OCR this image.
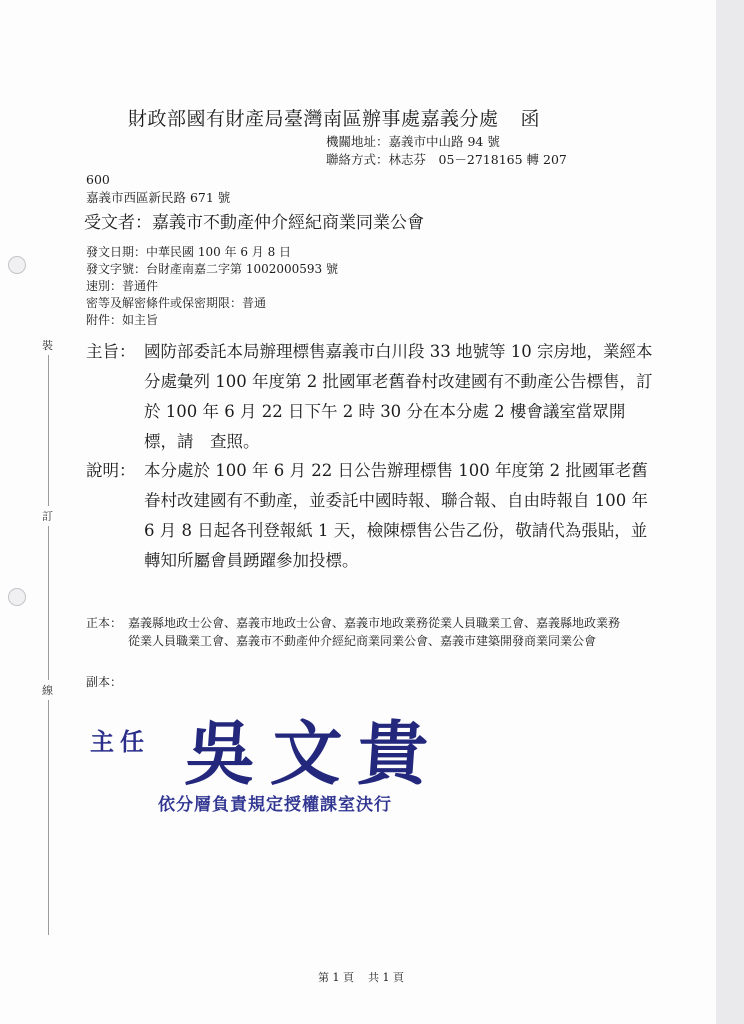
裝
訂
線
財政部國有財產局臺灣南區辦事處嘉義分處 函
機關地址：嘉義市中山路 94 號
聯絡方式：林志芬　05－2718165 轉 207
600
嘉義市西區新民路 671 號
受文者：嘉義市不動產仲介經紀商業同業公會
發文日期：中華民國 100 年 6 月 8 日
發文字號：台財產南嘉二字第 1002000593 號
速別：普通件
密等及解密條件或保密期限：普通
附件：如主旨
主旨： 國防部委託本局辦理標售嘉義市白川段 33 地號等 10 宗房地，業經本分處彙列 100 年度第 2 批國軍老舊眷村改建國有不動產公告標售，訂於 100 年 6 月 22 日下午 2 時 30 分在本分處 2 樓會議室當眾開標，請　查照。
說明： 本分處於 100 年 6 月 22 日公告辦理標售 100 年度第 2 批國軍老舊眷村改建國有不動產，並委託中國時報、聯合報、自由時報自 100 年 6 月 8 日起各刊登報紙 1 天，檢陳標售公告乙份，敬請代為張貼，並轉知所屬會員踴躍參加投標。
正本： 嘉義縣地政士公會、嘉義市地政士公會、嘉義市地政業務從業人員職業工會、嘉義縣地政業務從業人員職業工會、嘉義市不動產仲介經紀商業同業公會、嘉義市建築開發商業同業公會
副本：
主任 吳文貴
依分層負責規定授權課室決行
第 1 頁 共 1 頁
